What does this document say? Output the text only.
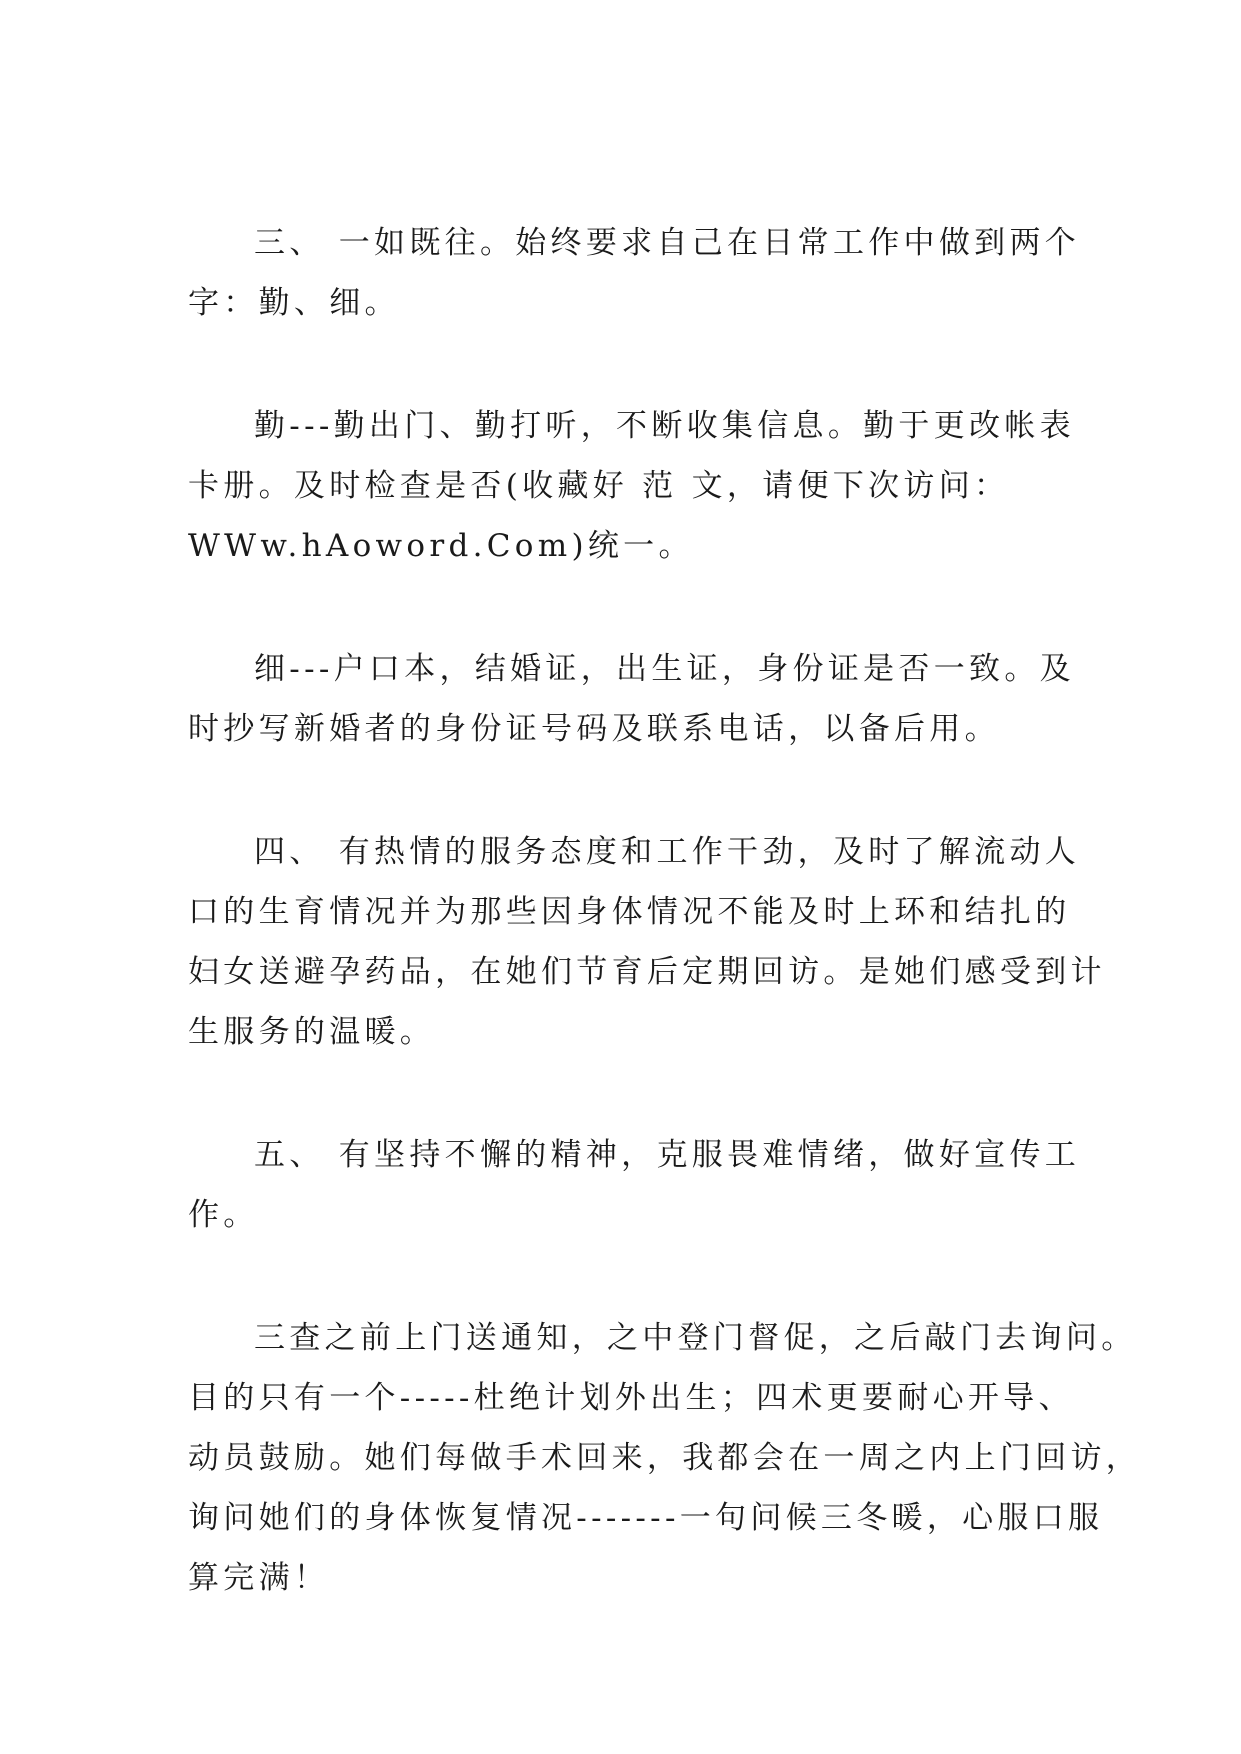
三、 一如既往。始终要求自己在日常工作中做到两个
字：勤、细。

勤---勤出门、勤打听，不断收集信息。勤于更改帐表
卡册。及时检查是否(收藏好 范 文，请便下次访问：
WWw.hAoword.Com)统一。

细---户口本，结婚证，出生证，身份证是否一致。及
时抄写新婚者的身份证号码及联系电话，以备后用。

四、 有热情的服务态度和工作干劲，及时了解流动人
口的生育情况并为那些因身体情况不能及时上环和结扎的
妇女送避孕药品，在她们节育后定期回访。是她们感受到计
生服务的温暖。

五、 有坚持不懈的精神，克服畏难情绪，做好宣传工
作。

三查之前上门送通知，之中登门督促，之后敲门去询问。
目的只有一个-----杜绝计划外出生；四术更要耐心开导、
动员鼓励。她们每做手术回来，我都会在一周之内上门回访，
询问她们的身体恢复情况-------一句问候三冬暖，心服口服
算完满！
